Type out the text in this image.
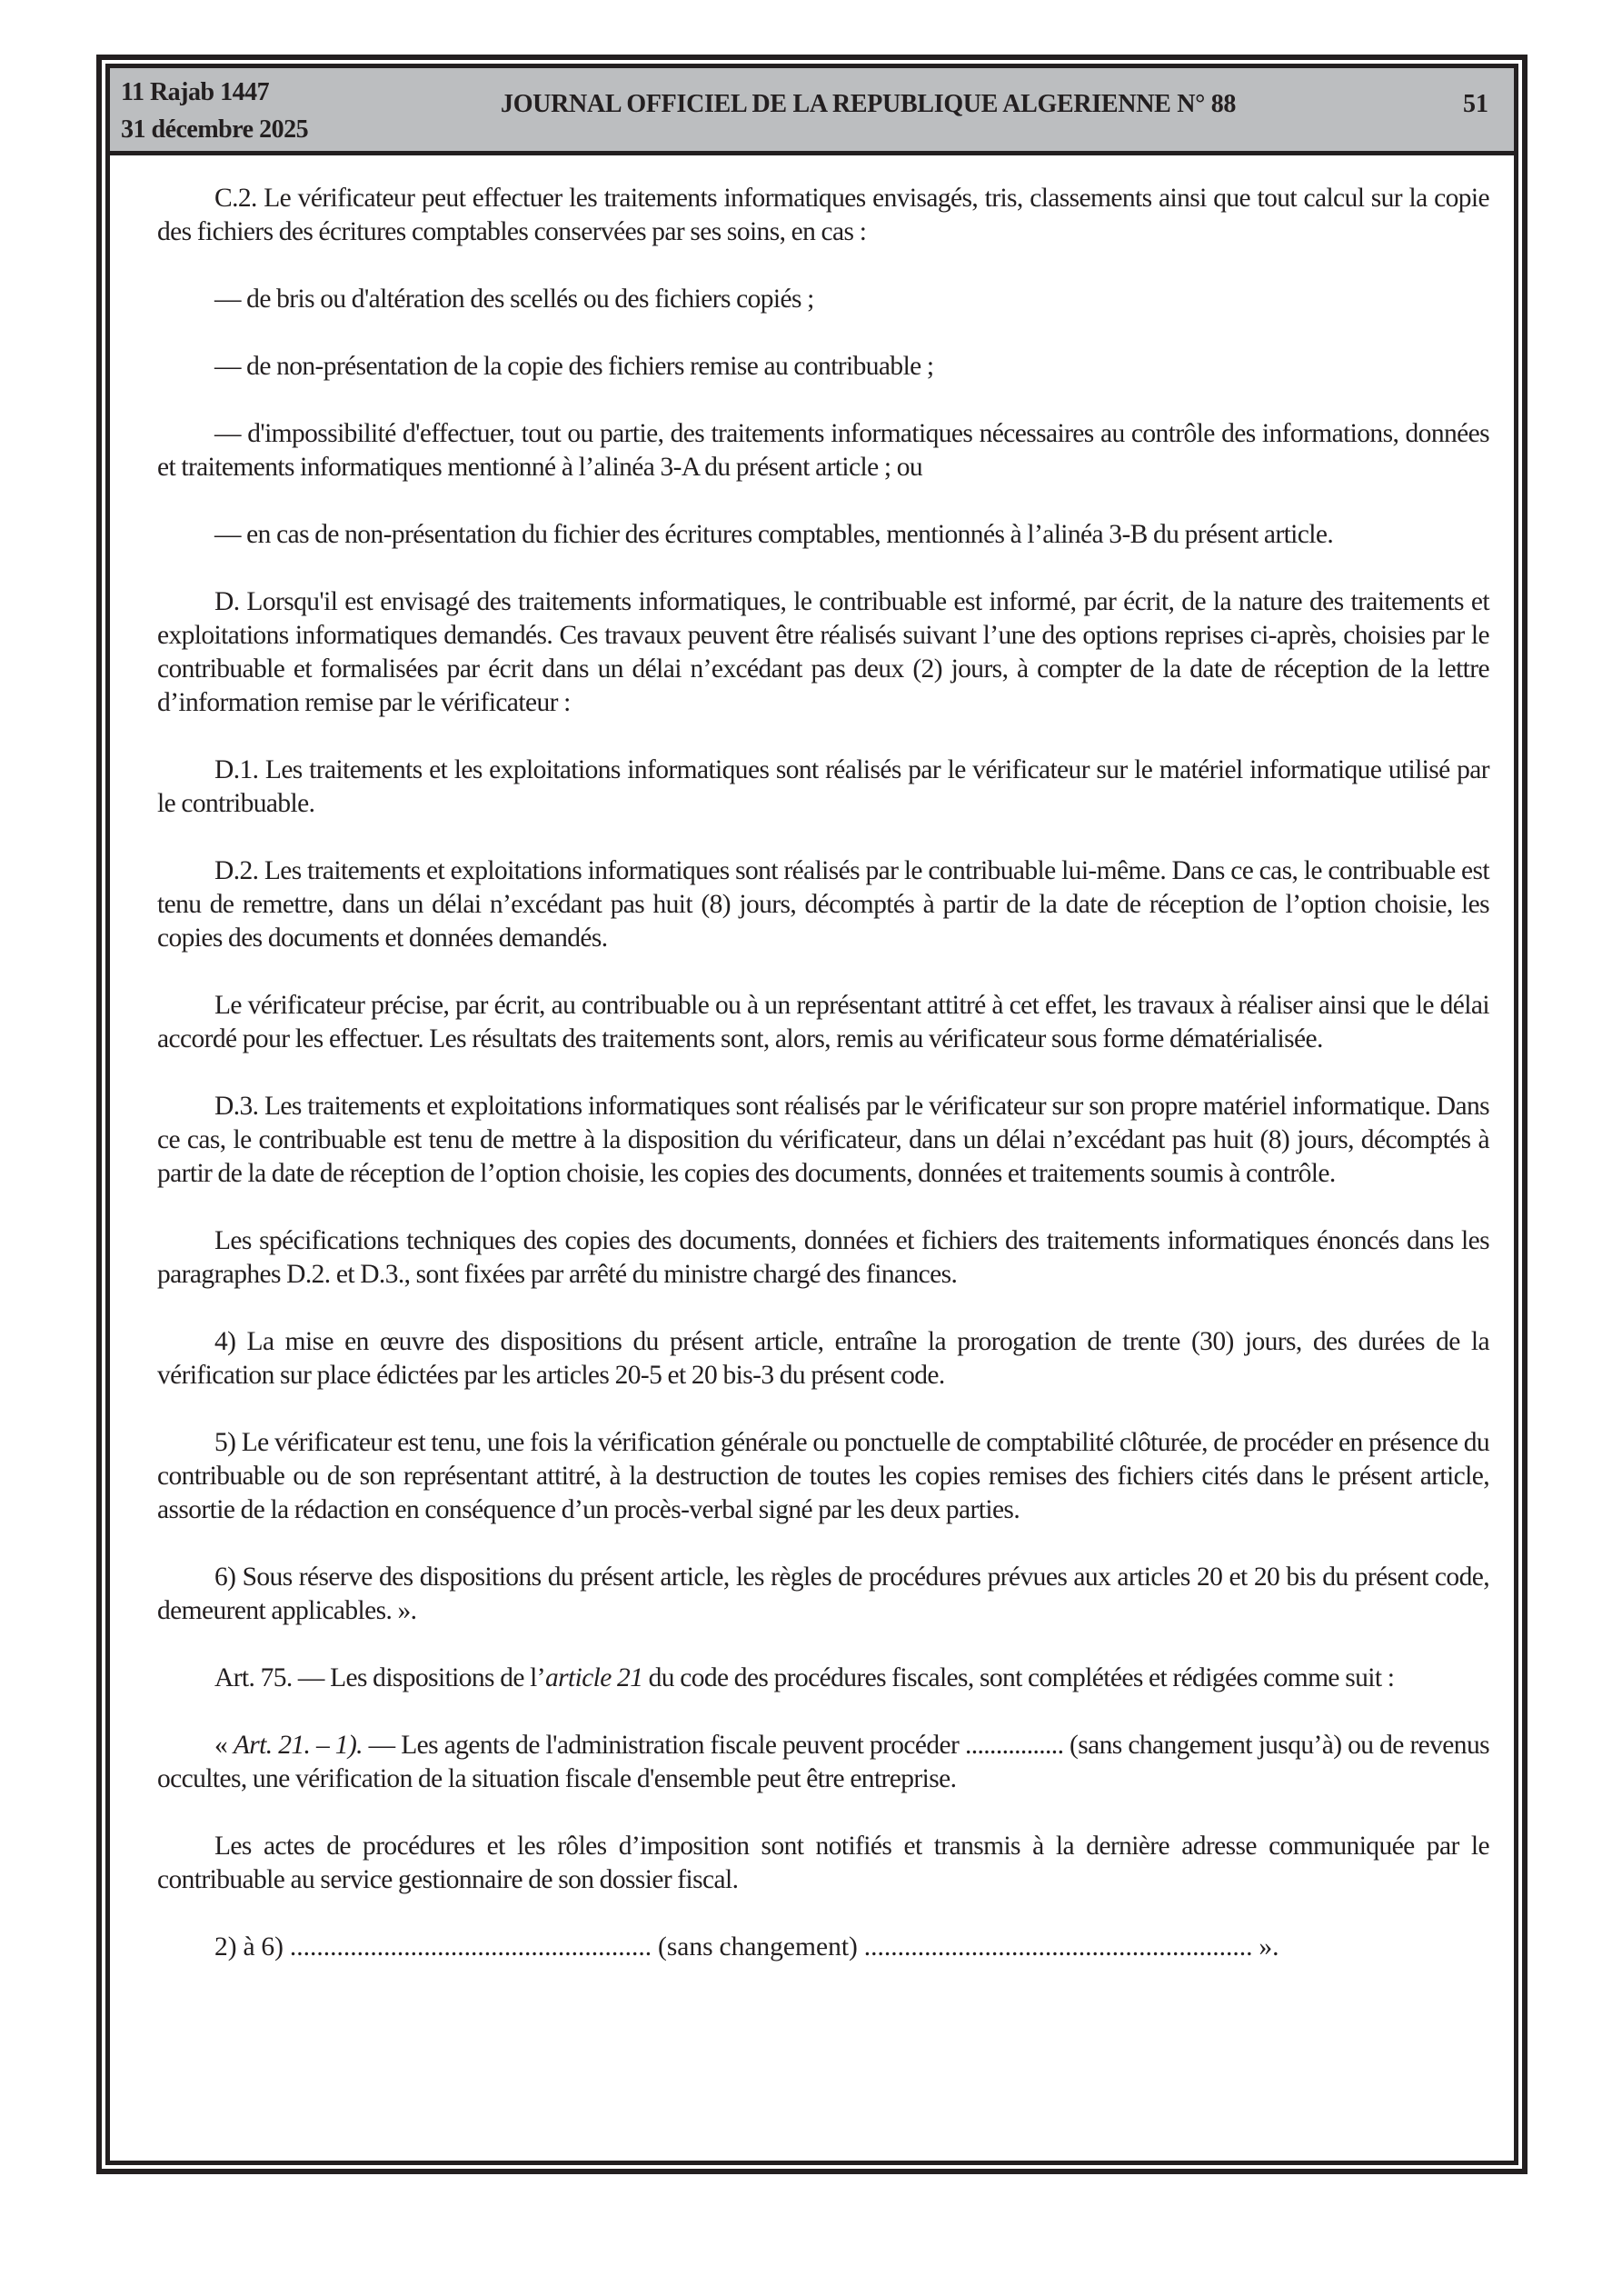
11 Rajab 1447
31 décembre 2025
JOURNAL OFFICIEL DE LA REPUBLIQUE ALGERIENNE N° 88	51

C.2. Le vérificateur peut effectuer les traitements informatiques envisagés, tris, classements ainsi que tout calcul sur la copie des fichiers des écritures comptables conservées par ses soins, en cas :

— de bris ou d'altération des scellés ou des fichiers copiés ;

— de non-présentation de la copie des fichiers remise au contribuable ;

— d'impossibilité d'effectuer, tout ou partie, des traitements informatiques nécessaires au contrôle des informations, données et traitements informatiques mentionné à l’alinéa 3-A du présent article ; ou

— en cas de non-présentation du fichier des écritures comptables, mentionnés à l’alinéa 3-B du présent article.

D. Lorsqu'il est envisagé des traitements informatiques, le contribuable est informé, par écrit, de la nature des traitements et exploitations informatiques demandés. Ces travaux peuvent être réalisés suivant l’une des options reprises ci-après, choisies par le contribuable et formalisées par écrit dans un délai n’excédant pas deux (2) jours, à compter de la date de réception de la lettre d’information remise par le vérificateur :

D.1. Les traitements et les exploitations informatiques sont réalisés par le vérificateur sur le matériel informatique utilisé par le contribuable.

D.2. Les traitements et exploitations informatiques sont réalisés par le contribuable lui-même. Dans ce cas, le contribuable est tenu de remettre, dans un délai n’excédant pas huit (8) jours, décomptés à partir de la date de réception de l’option choisie, les copies des documents et données demandés.

Le vérificateur précise, par écrit, au contribuable ou à un représentant attitré à cet effet, les travaux à réaliser ainsi que le délai accordé pour les effectuer. Les résultats des traitements sont, alors, remis au vérificateur sous forme dématérialisée.

D.3. Les traitements et exploitations informatiques sont réalisés par le vérificateur sur son propre matériel informatique. Dans ce cas, le contribuable est tenu de mettre à la disposition du vérificateur, dans un délai n’excédant pas huit (8) jours, décomptés à partir de la date de réception de l’option choisie, les copies des documents, données et traitements soumis à contrôle.

Les spécifications techniques des copies des documents, données et fichiers des traitements informatiques énoncés dans les paragraphes D.2. et D.3., sont fixées par arrêté du ministre chargé des finances.

4) La mise en œuvre des dispositions du présent article, entraîne la prorogation de trente (30) jours, des durées de la vérification sur place édictées par les articles 20-5 et 20 bis-3 du présent code.

5) Le vérificateur est tenu, une fois la vérification générale ou ponctuelle de comptabilité clôturée, de procéder en présence du contribuable ou de son représentant attitré, à la destruction de toutes les copies remises des fichiers cités dans le présent article, assortie de la rédaction en conséquence d’un procès-verbal signé par les deux parties.

6) Sous réserve des dispositions du présent article, les règles de procédures prévues aux articles 20 et 20 bis du présent code, demeurent applicables. ».

Art. 75. — Les dispositions de l’article 21 du code des procédures fiscales, sont complétées et rédigées comme suit :

« Art. 21. – 1). — Les agents de l'administration fiscale peuvent procéder ................ (sans changement jusqu’à) ou de revenus occultes, une vérification de la situation fiscale d'ensemble peut être entreprise.

Les actes de procédures et les rôles d’imposition sont notifiés et transmis à la dernière adresse communiquée par le contribuable au service gestionnaire de son dossier fiscal.

2) à 6) ...................................................... (sans changement) .......................................................... ».
